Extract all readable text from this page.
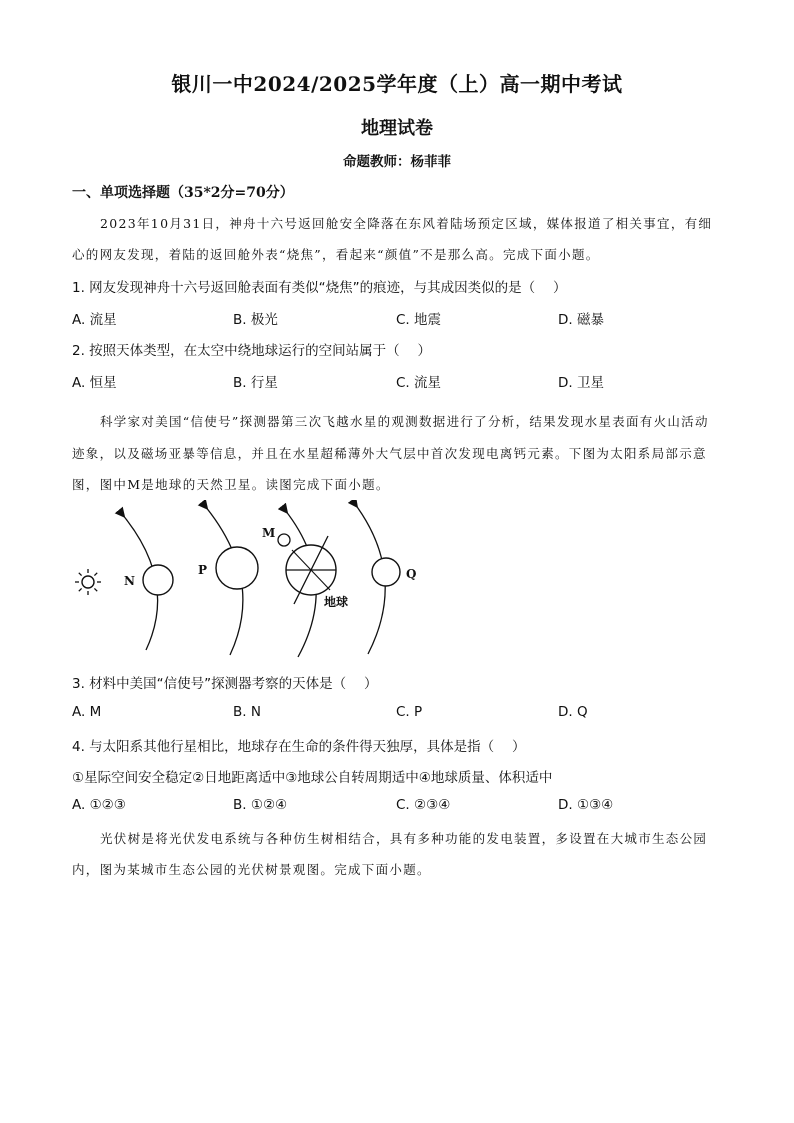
银川一中2024/2025学年度（上）高一期中考试
地理试卷
命题教师：杨菲菲
一、单项选择题（35*2分=70分）
2023年10月31日，神舟十六号返回舱安全降落在东风着陆场预定区域，媒体报道了相关事宜，有细
心的网友发现，着陆的返回舱外表“烧焦”，看起来“颜值”不是那么高。完成下面小题。
1. 网友发现神舟十六号返回舱表面有类似“烧焦”的痕迹，与其成因类似的是（　 ）
A. 流星	B. 极光	C. 地震	D. 磁暴
2. 按照天体类型，在太空中绕地球运行的空间站属于（　 ）
A. 恒星	B. 行星	C. 流星	D. 卫星
科学家对美国“信使号”探测器第三次飞越水星的观测数据进行了分析，结果发现水星表面有火山活动
迹象，以及磁场亚暴等信息，并且在水星超稀薄外大气层中首次发现电离钙元素。下图为太阳系局部示意
图，图中M是地球的天然卫星。读图完成下面小题。
N
P
M
地球
Q
3. 材料中美国“信使号”探测器考察的天体是（　 ）
A. M	B. N	C. P	D. Q
4. 与太阳系其他行星相比，地球存在生命的条件得天独厚，具体是指（　 ）
①星际空间安全稳定②日地距离适中③地球公自转周期适中④地球质量、体积适中
A. ①②③	B. ①②④	C. ②③④	D. ①③④
光伏树是将光伏发电系统与各种仿生树相结合，具有多种功能的发电装置，多设置在大城市生态公园
内，图为某城市生态公园的光伏树景观图。完成下面小题。
